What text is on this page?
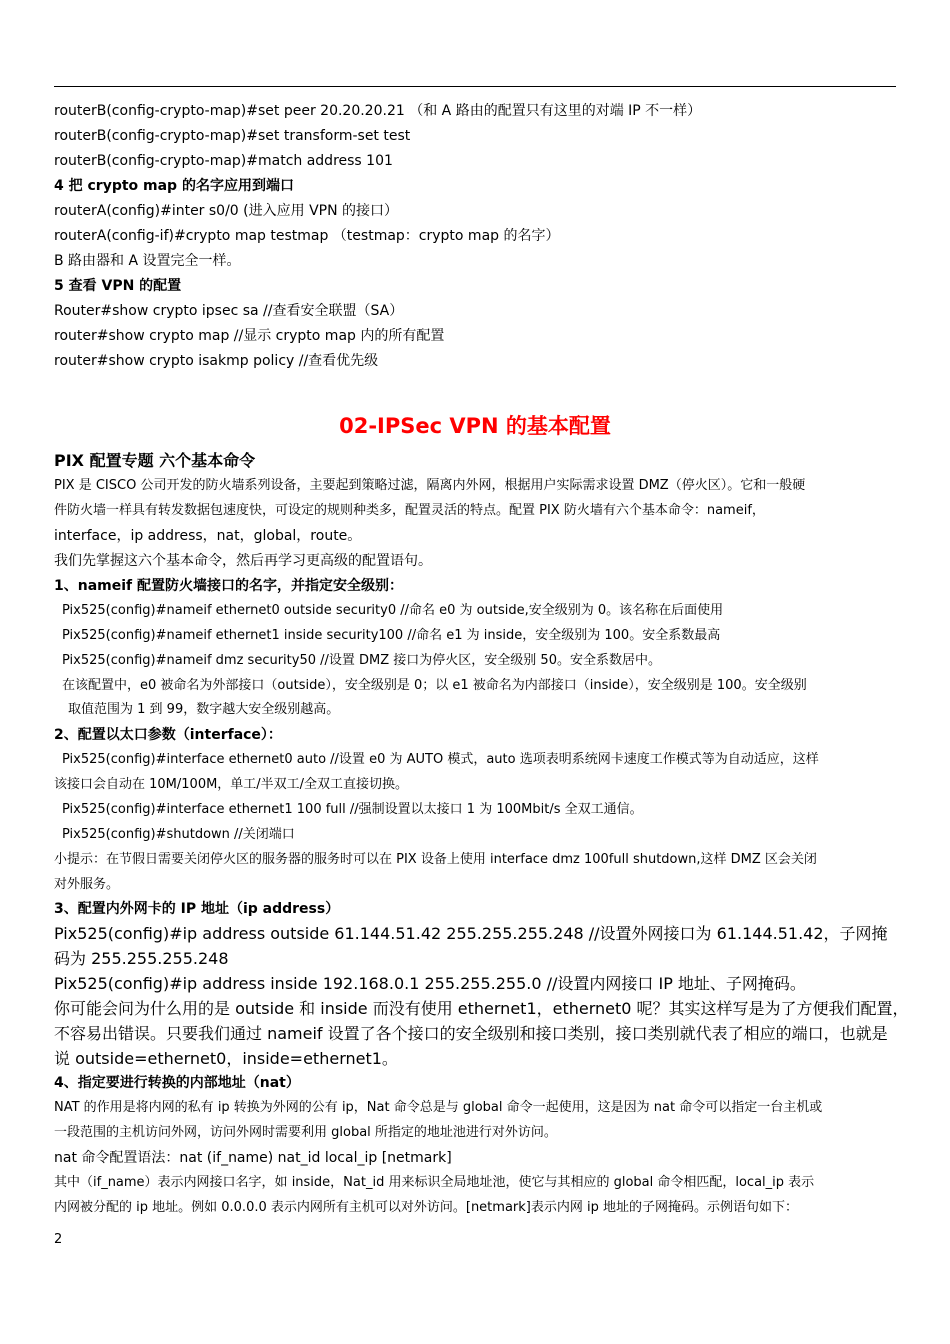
routerB(config-crypto-map)#set peer 20.20.20.21 （和 A 路由的配置只有这里的对端 IP 不一样）
routerB(config-crypto-map)#set transform-set test
routerB(config-crypto-map)#match address 101
4 把 crypto map 的名字应用到端口
routerA(config)#inter s0/0 (进入应用 VPN 的接口）
routerA(config-if)#crypto map testmap （testmap：crypto map 的名字）
B 路由器和 A 设置完全一样。
5 查看 VPN 的配置
Router#show crypto ipsec sa //查看安全联盟（SA）
router#show crypto map //显示 crypto map 内的所有配置
router#show crypto isakmp policy //查看优先级
02-IPSec VPN 的基本配置
PIX 配置专题 六个基本命令
PIX 是 CISCO 公司开发的防火墙系列设备，主要起到策略过滤，隔离内外网，根据用户实际需求设置 DMZ（停火区）。它和一般硬
件防火墙一样具有转发数据包速度快，可设定的规则种类多，配置灵活的特点。配置 PIX 防火墙有六个基本命令：nameif，
interface，ip address，nat，global，route。
我们先掌握这六个基本命令，然后再学习更高级的配置语句。
1、nameif 配置防火墙接口的名字，并指定安全级别：
Pix525(config)#nameif ethernet0 outside security0 //命名 e0 为 outside,安全级别为 0。该名称在后面使用
Pix525(config)#nameif ethernet1 inside security100 //命名 e1 为 inside，安全级别为 100。安全系数最高
Pix525(config)#nameif dmz security50 //设置 DMZ 接口为停火区，安全级别 50。安全系数居中。
在该配置中，e0 被命名为外部接口（outside），安全级别是 0；以 e1 被命名为内部接口（inside），安全级别是 100。安全级别
取值范围为 1 到 99，数字越大安全级别越高。
2、配置以太口参数（interface）：
Pix525(config)#interface ethernet0 auto //设置 e0 为 AUTO 模式，auto 选项表明系统网卡速度工作模式等为自动适应，这样
该接口会自动在 10M/100M，单工/半双工/全双工直接切换。
Pix525(config)#interface ethernet1 100 full //强制设置以太接口 1 为 100Mbit/s 全双工通信。
Pix525(config)#shutdown //关闭端口
小提示：在节假日需要关闭停火区的服务器的服务时可以在 PIX 设备上使用 interface dmz 100full shutdown,这样 DMZ 区会关闭
对外服务。
3、配置内外网卡的 IP 地址（ip address）
Pix525(config)#ip address outside 61.144.51.42 255.255.255.248 //设置外网接口为 61.144.51.42，子网掩
码为 255.255.255.248
Pix525(config)#ip address inside 192.168.0.1 255.255.255.0 //设置内网接口 IP 地址、子网掩码。
你可能会问为什么用的是 outside 和 inside 而没有使用 ethernet1，ethernet0 呢？其实这样写是为了方便我们配置，
不容易出错误。只要我们通过 nameif 设置了各个接口的安全级别和接口类别，接口类别就代表了相应的端口，也就是
说 outside=ethernet0，inside=ethernet1。
4、指定要进行转换的内部地址（nat）
NAT 的作用是将内网的私有 ip 转换为外网的公有 ip，Nat 命令总是与 global 命令一起使用，这是因为 nat 命令可以指定一台主机或
一段范围的主机访问外网，访问外网时需要利用 global 所指定的地址池进行对外访问。
nat 命令配置语法：nat (if_name) nat_id local_ip [netmark]
其中（if_name）表示内网接口名字，如 inside，Nat_id 用来标识全局地址池，使它与其相应的 global 命令相匹配，local_ip 表示
内网被分配的 ip 地址。例如 0.0.0.0 表示内网所有主机可以对外访问。[netmark]表示内网 ip 地址的子网掩码。示例语句如下：
2
